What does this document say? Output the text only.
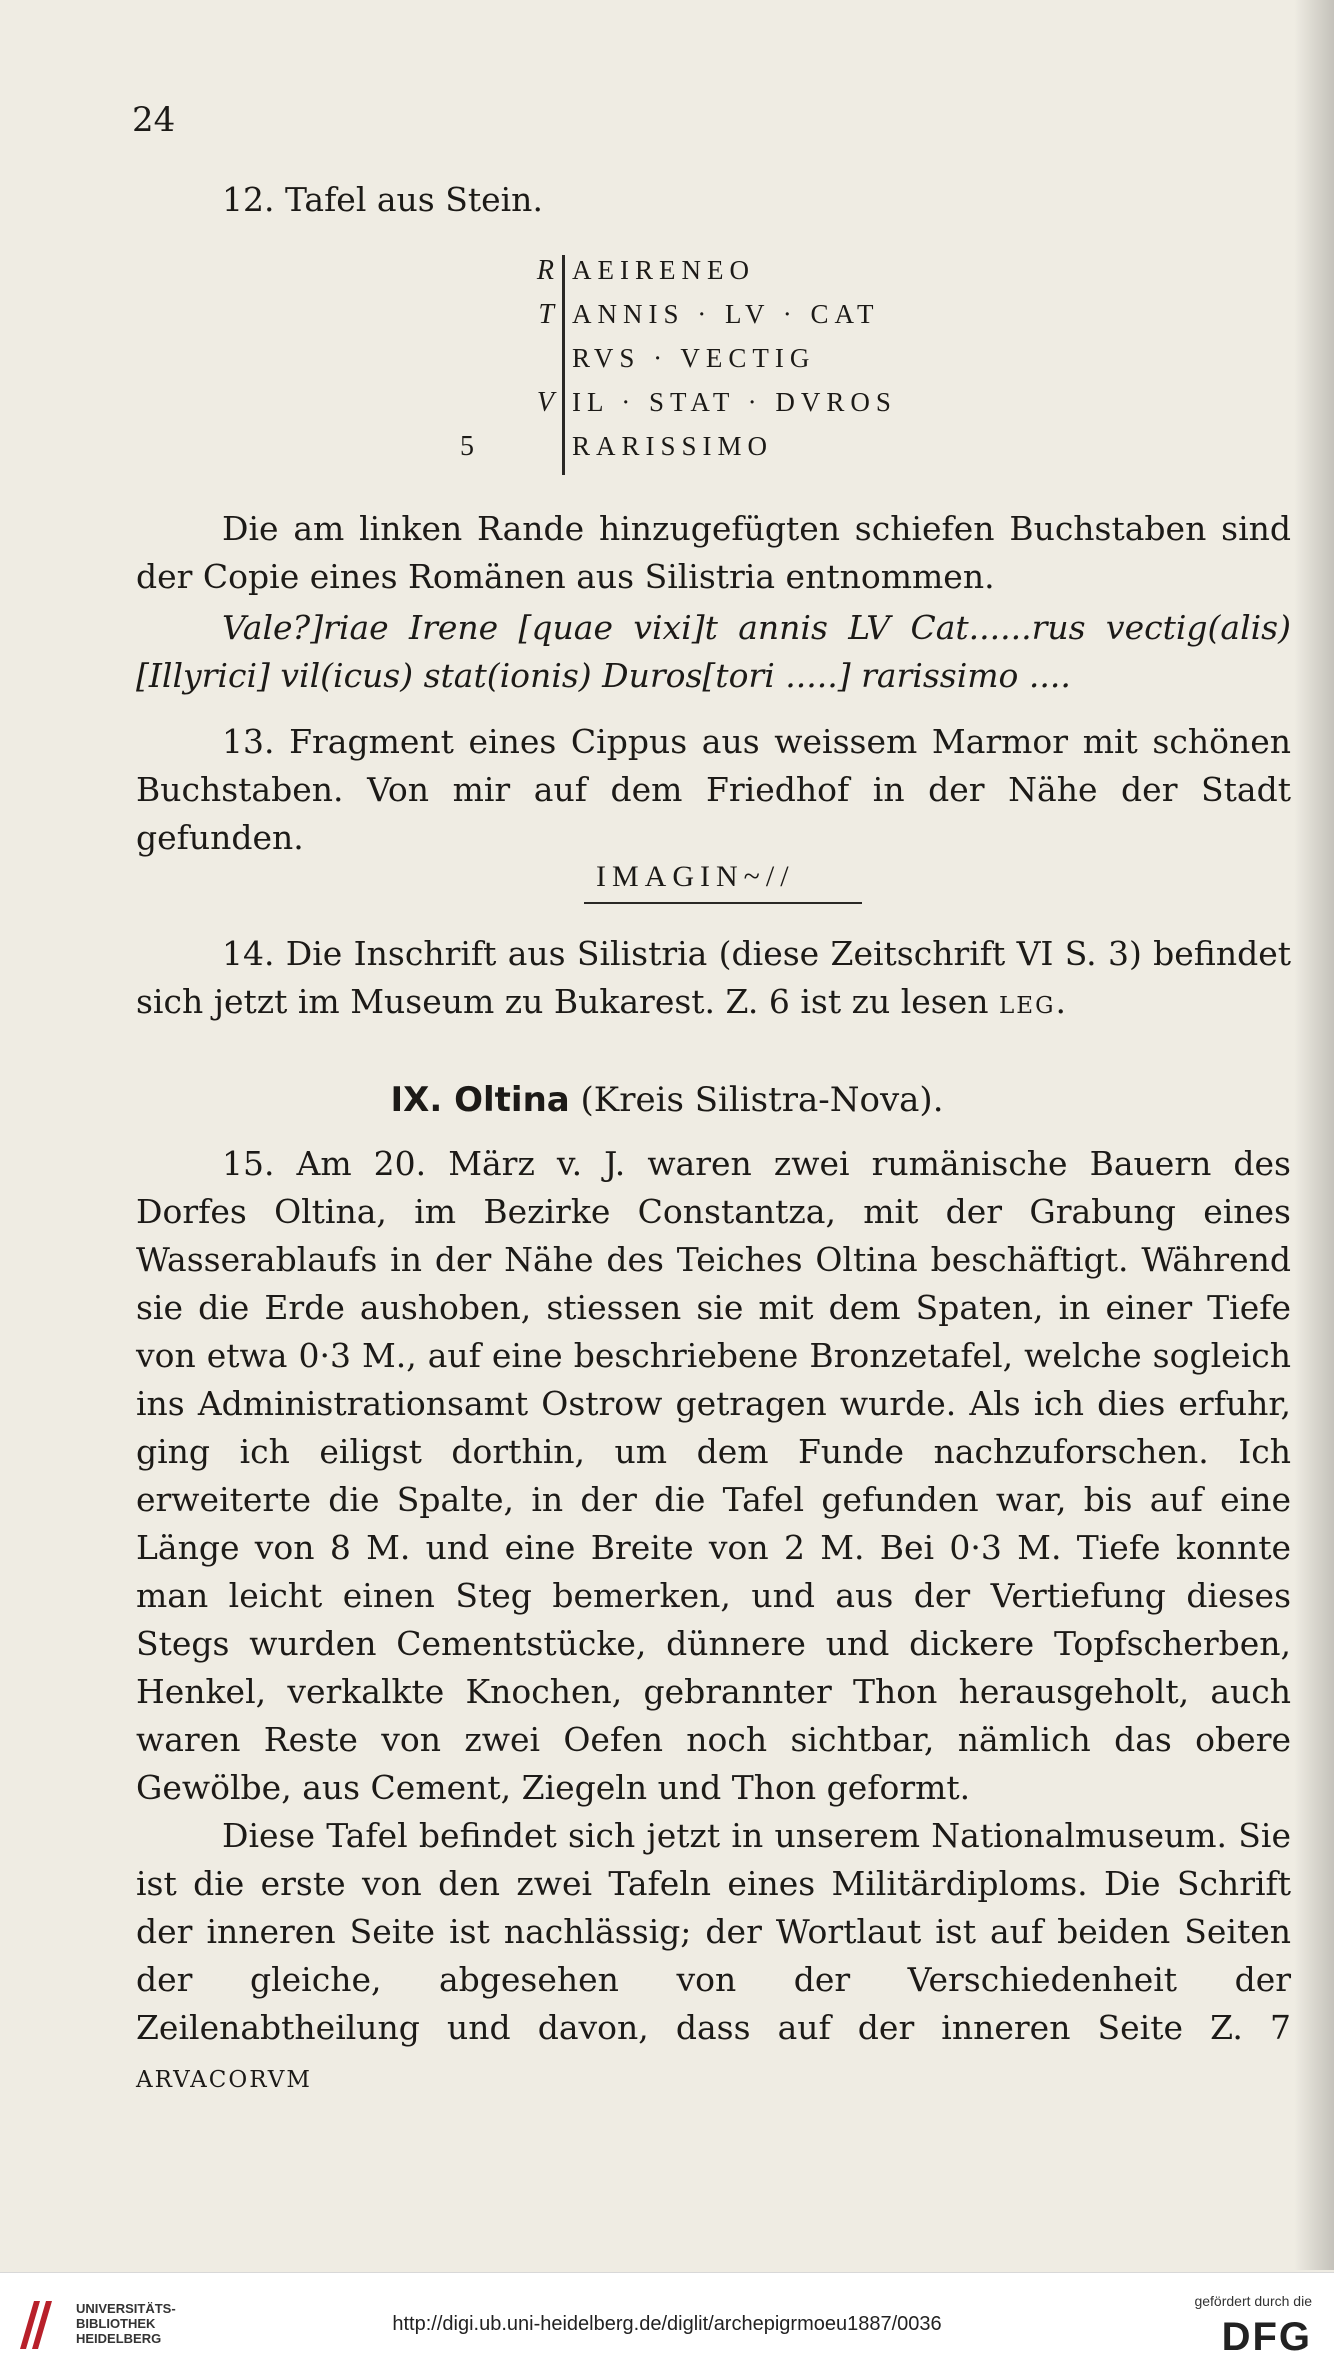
24
12. Tafel aus Stein.
R AEIRENEO
T ANNIS · LV · CAT
RVS · VECTIG
V IL · STAT · DVROS
5	RARISSIMO
Die am linken Rande hinzugefügten schiefen Buchstaben sind der Copie eines Romänen aus Silistria entnommen.
Vale?]riae Irene [quae vixi]t annis LV Cat......rus vectig(alis) [Illyrici] vil(icus) stat(ionis) Duros[tori .....] rarissimo ....
13. Fragment eines Cippus aus weissem Marmor mit schönen Buchstaben. Von mir auf dem Friedhof in der Nähe der Stadt gefunden.
IMAGIN~//
14. Die Inschrift aus Silistria (diese Zeitschrift VI S. 3) befindet sich jetzt im Museum zu Bukarest. Z. 6 ist zu lesen leg.
IX. Oltina (Kreis Silistra-Nova).
15. Am 20. März v. J. waren zwei rumänische Bauern des Dorfes Oltina, im Bezirke Constantza, mit der Grabung eines Wasserablaufs in der Nähe des Teiches Oltina beschäftigt. Während sie die Erde aushoben, stiessen sie mit dem Spaten, in einer Tiefe von etwa 0·3 M., auf eine beschriebene Bronzetafel, welche sogleich ins Administrationsamt Ostrow getragen wurde. Als ich dies erfuhr, ging ich eiligst dorthin, um dem Funde nachzuforschen. Ich erweiterte die Spalte, in der die Tafel gefunden war, bis auf eine Länge von 8 M. und eine Breite von 2 M. Bei 0·3 M. Tiefe konnte man leicht einen Steg bemerken, und aus der Vertiefung dieses Stegs wurden Cementstücke, dünnere und dickere Topfscherben, Henkel, verkalkte Knochen, gebrannter Thon herausgeholt, auch waren Reste von zwei Oefen noch sichtbar, nämlich das obere Gewölbe, aus Cement, Ziegeln und Thon geformt.
Diese Tafel befindet sich jetzt in unserem Nationalmuseum. Sie ist die erste von den zwei Tafeln eines Militärdiploms. Die Schrift der inneren Seite ist nachlässig; der Wortlaut ist auf beiden Seiten der gleiche, abgesehen von der Verschiedenheit der Zeilenabtheilung und davon, dass auf der inneren Seite Z. 7 arvacorvm
UNIVERSITÄTS-
BIBLIOTHEK
HEIDELBERG
http://digi.ub.uni-heidelberg.de/diglit/archepigrmoeu1887/0036
gefördert durch die
DFG
